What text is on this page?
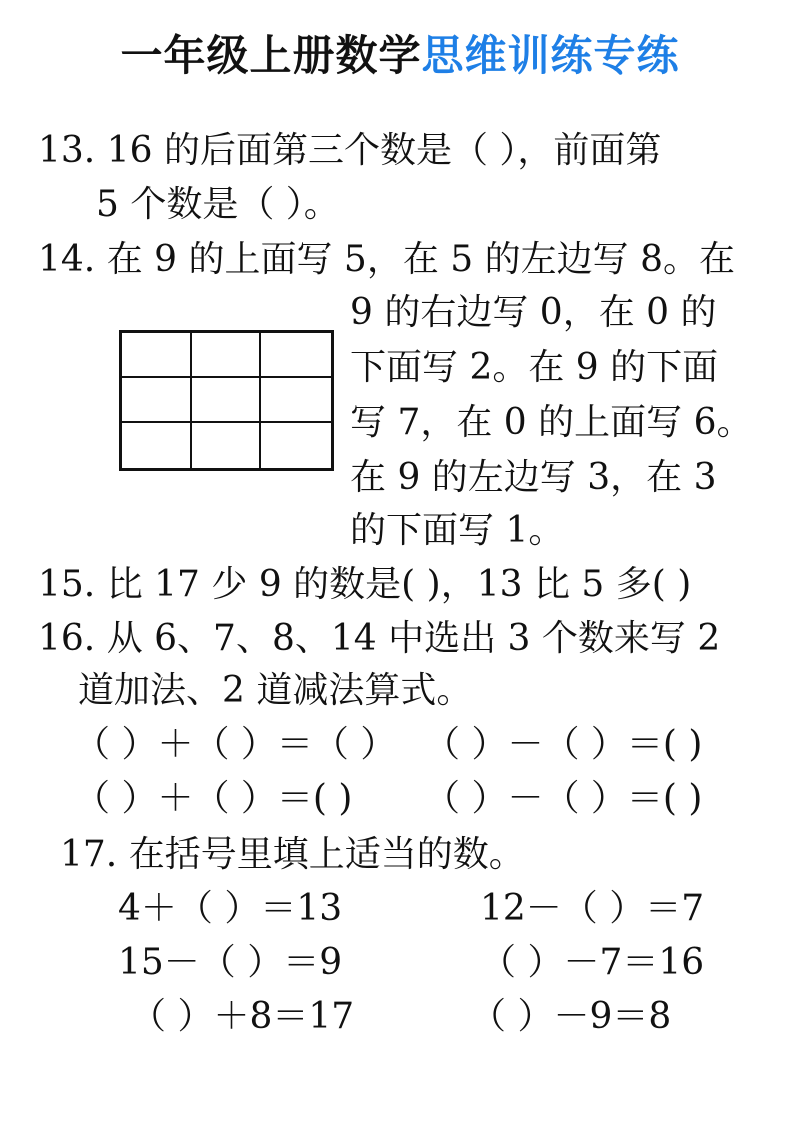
一年级上册数学思维训练专练
13. 16 的后面第三个数是（ ），前面第
5 个数是（ ）。
14. 在 9 的上面写 5，在 5 的左边写 8。在
9 的右边写 0，在 0 的
下面写 2。在 9 的下面
写 7，在 0 的上面写 6。
在 9 的左边写 3，在 3
的下面写 1。
15. 比 17 少 9 的数是( )，13 比 5 多( )
16. 从 6、7、8、14 中选出 3 个数来写 2
道加法、2 道减法算式。
（ ）＋（ ）＝（ ） （ ）－（ ）＝( )
（ ）＋（ ）＝( ) （ ）－（ ）＝( )
17. 在括号里填上适当的数。
4＋（ ）＝13	12－（ ）＝7
15－（ ）＝9	（ ）－7＝16
（ ）＋8＝17	（ ）－9＝8
